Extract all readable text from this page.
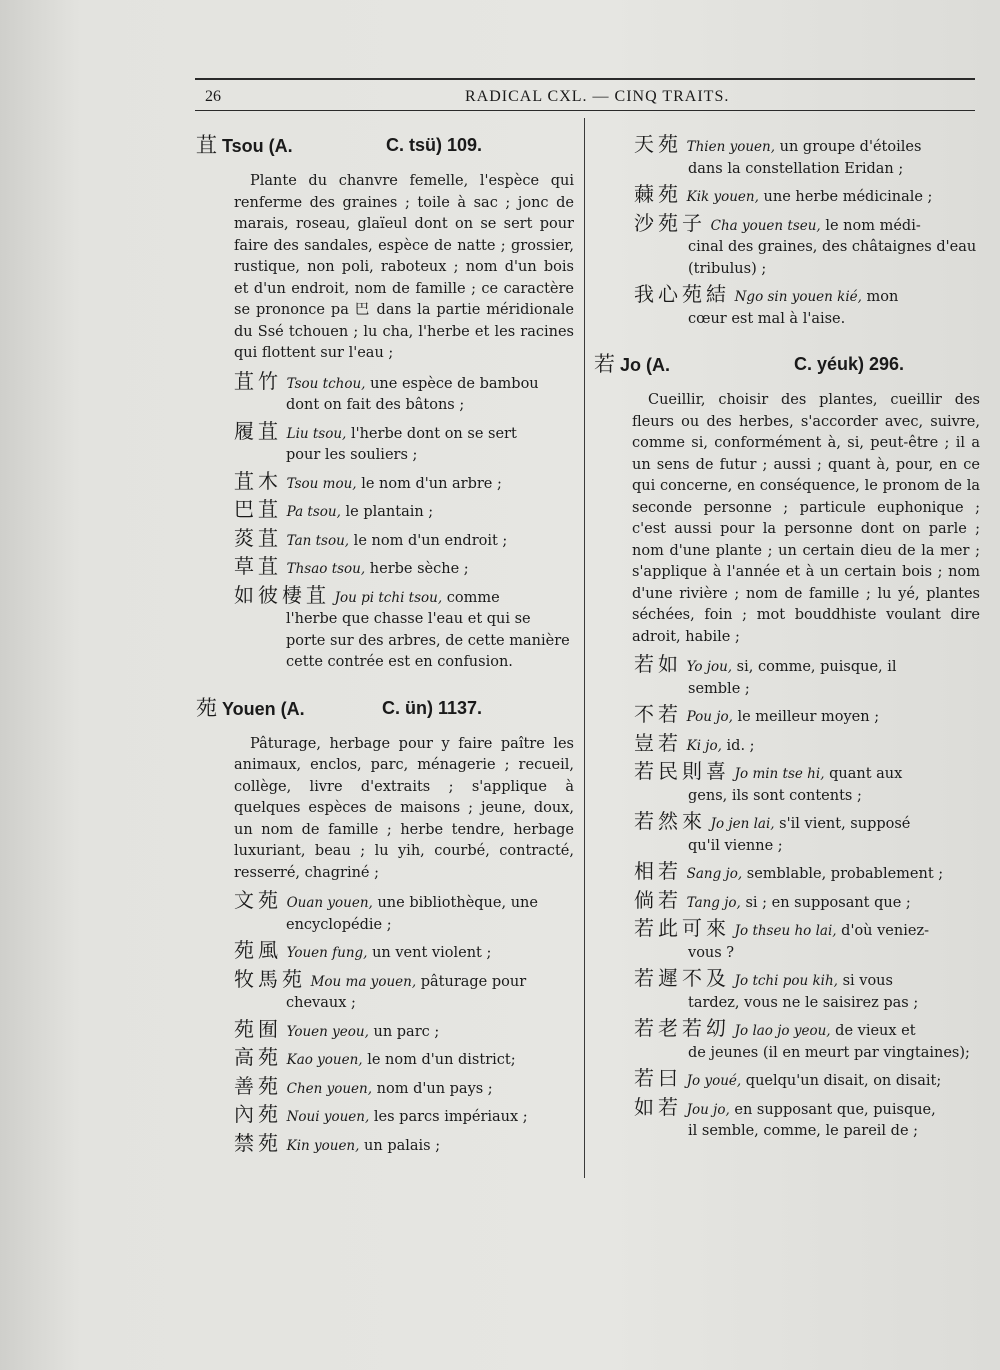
26	RADICAL CXL. — CINQ TRAITS.
苴 Tsou (A.	C. tsü) 109.
Plante du chanvre femelle, l'espèce qui renferme des graines ; toile à sac ; jonc de marais, roseau, glaïeul dont on se sert pour faire des sandales, espèce de natte ; grossier, rustique, non poli, raboteux ; nom d'un bois et d'un endroit, nom de famille ; ce caractère se prononce pa 巴 dans la partie méridionale du Ssé tchouen ; lu cha, l'herbe et les racines qui flottent sur l'eau ;
苴竹 Tsou tchou, une espèce de bambou
dont on fait des bâtons ;
履苴 Liu tsou, l'herbe dont on se sert
pour les souliers ;
苴木 Tsou mou, le nom d'un arbre ;
巴苴 Pa tsou, le plantain ;
菼苴 Tan tsou, le nom d'un endroit ;
草苴 Thsao tsou, herbe sèche ;
如彼棲苴 Jou pi tchi tsou, comme
l'herbe que chasse l'eau et qui se porte sur des arbres, de cette manière cette contrée est en confusion.
苑 Youen (A.	C. ün) 1137.
Pâturage, herbage pour y faire paître les animaux, enclos, parc, ménagerie ; recueil, collège, livre d'extraits ; s'applique à quelques espèces de maisons ; jeune, doux, un nom de famille ; herbe tendre, herbage luxuriant, beau ; lu yih, courbé, contracté, resserré, chagriné ;
文苑 Ouan youen, une bibliothèque, une
encyclopédie ;
苑風 Youen fung, un vent violent ;
牧馬苑 Mou ma youen, pâturage pour
chevaux ;
苑囿 Youen yeou, un parc ;
高苑 Kao youen, le nom d'un district;
善苑 Chen youen, nom d'un pays ;
內苑 Noui youen, les parcs impériaux ;
禁苑 Kin youen, un palais ;
天苑 Thien youen, un groupe d'étoiles
dans la constellation Eridan ;
蕀苑 Kik youen, une herbe médicinale ;
沙苑子 Cha youen tseu, le nom médi-
cinal des graines, des châtaignes d'eau (tribulus) ;
我心苑結 Ngo sin youen kié, mon
cœur est mal à l'aise.
若 Jo (A.	C. yéuk) 296.
Cueillir, choisir des plantes, cueillir des fleurs ou des herbes, s'accorder avec, suivre, comme si, conformément à, si, peut-être ; il a un sens de futur ; aussi ; quant à, pour, en ce qui concerne, en conséquence, le pronom de la seconde personne ; particule euphonique ; c'est aussi pour la personne dont on parle ; nom d'une plante ; un certain dieu de la mer ; s'applique à l'année et à un certain bois ; nom d'une rivière ; nom de famille ; lu yé, plantes séchées, foin ; mot bouddhiste voulant dire adroit, habile ;
若如 Yo jou, si, comme, puisque, il
semble ;
不若 Pou jo, le meilleur moyen ;
豈若 Ki jo, id. ;
若民則喜 Jo min tse hi, quant aux
gens, ils sont contents ;
若然來 Jo jen lai, s'il vient, supposé
qu'il vienne ;
相若 Sang jo, semblable, probablement ;
倘若 Tang jo, si ; en supposant que ;
若此可來 Jo thseu ho lai, d'où veniez-
vous ?
若遲不及 Jo tchi pou kih, si vous
tardez, vous ne le saisirez pas ;
若老若㓜 Jo lao jo yeou, de vieux et
de jeunes (il en meurt par vingtaines);
若曰 Jo youé, quelqu'un disait, on disait;
如若 Jou jo, en supposant que, puisque,
il semble, comme, le pareil de ;
